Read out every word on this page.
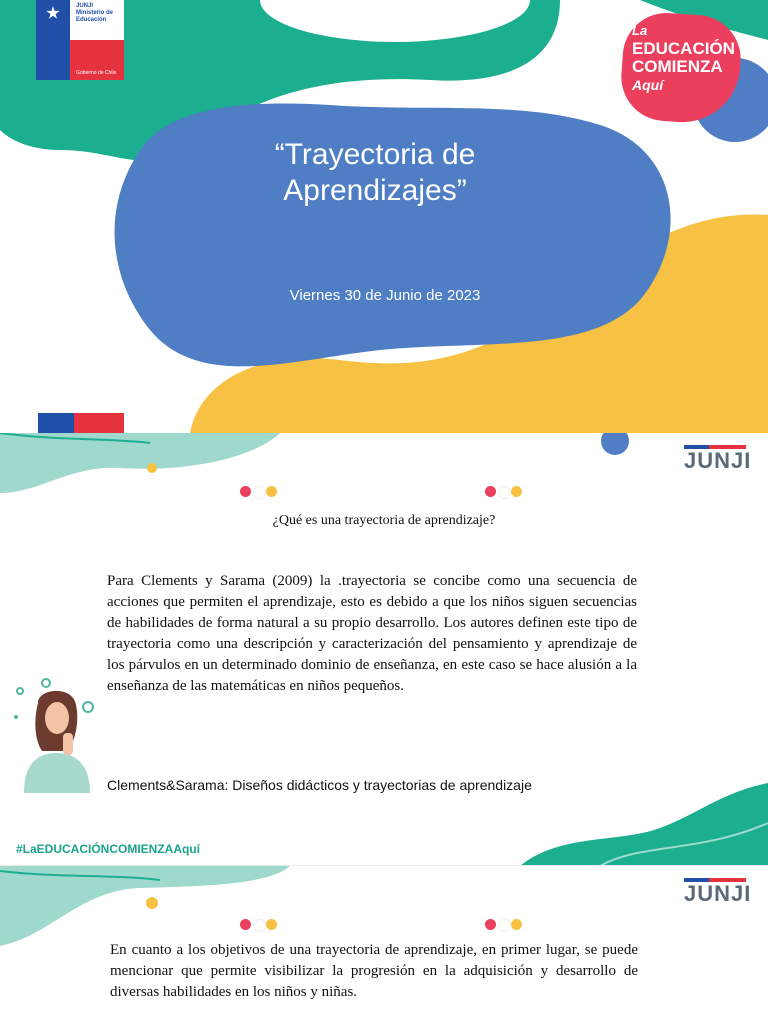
JUNJI
Ministerio de
Educación
Gobierno de Chile
La
EDUCACIÓN
COMIENZA
Aquí
“Trayectoria de
Aprendizajes”
Viernes 30 de Junio de 2023
JUNJI

¿Qué es una trayectoria de aprendizaje?
Para Clements y Sarama (2009) la .trayectoria se concibe como una secuencia de acciones que permiten el aprendizaje, esto es debido a que los niños siguen secuencias de habilidades de forma natural a su propio desarrollo. Los autores definen este tipo de trayectoria como una descripción y caracterización del pensamiento y aprendizaje de los párvulos en un determinado dominio de enseñanza, en este caso se hace alusión a la enseñanza de las matemáticas en niños pequeños.
Clements&Sarama: Diseños didácticos y trayectorias de aprendizaje
#LaEDUCACIÓNCOMIENZAAquí
JUNJI

En cuanto a los objetivos de una trayectoria de aprendizaje, en primer lugar, se puede mencionar que permite visibilizar la progresión en la adquisición y desarrollo de diversas habilidades en los niños y niñas.
